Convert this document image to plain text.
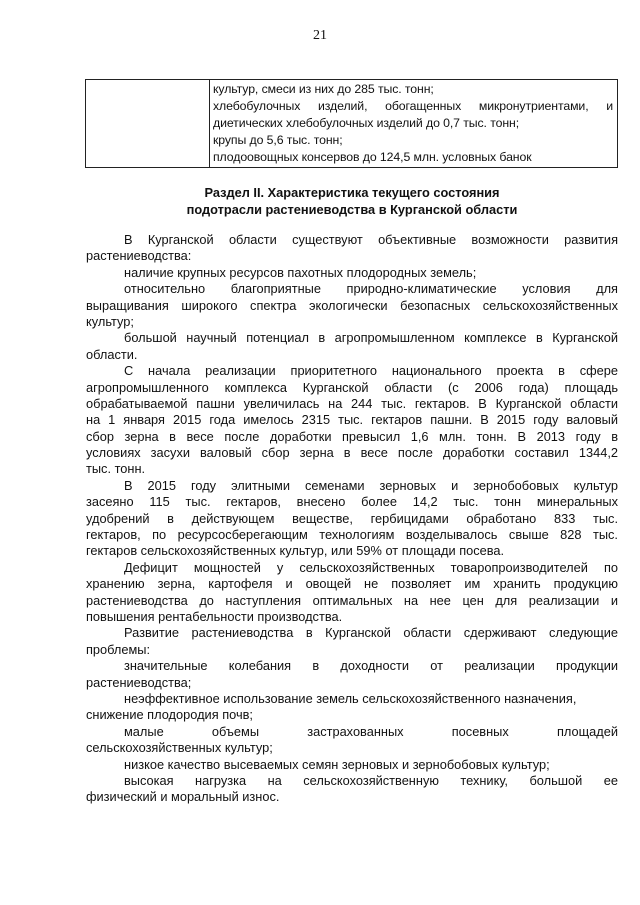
21

культур, смеси из них до 285 тыс. тонн;
хлебобулочных изделий, обогащенных микронутриентами, и
диетических хлебобулочных изделий до 0,7 тыс. тонн;
крупы до 5,6 тыс. тонн;
плодоовощных консервов до 124,5 млн. условных банок
Раздел II. Характеристика текущего состояния
подотрасли растениеводства в Курганской области
В Курганской области существуют объективные возможности развития
растениеводства:
наличие крупных ресурсов пахотных плодородных земель;
относительно благоприятные природно-климатические условия для
выращивания широкого спектра экологически безопасных сельскохозяйственных
культур;
большой научный потенциал в агропромышленном комплексе в Курганской
области.
С начала реализации приоритетного национального проекта в сфере
агропромышленного комплекса Курганской области (с 2006 года) площадь
обрабатываемой пашни увеличилась на 244 тыс. гектаров. В Курганской области
на 1 января 2015 года имелось 2315 тыс. гектаров пашни. В 2015 году валовый
сбор зерна в весе после доработки превысил 1,6 млн. тонн. В 2013 году в
условиях засухи валовый сбор зерна в весе после доработки составил 1344,2
тыс. тонн.
В 2015 году элитными семенами зерновых и зернобобовых культур
засеяно 115 тыс. гектаров, внесено более 14,2 тыс. тонн минеральных
удобрений в действующем веществе, гербицидами обработано 833 тыс.
гектаров, по ресурсосберегающим технологиям возделывалось свыше 828 тыс.
гектаров сельскохозяйственных культур, или 59% от площади посева.
Дефицит мощностей у сельскохозяйственных товаропроизводителей по
хранению зерна, картофеля и овощей не позволяет им хранить продукцию
растениеводства до наступления оптимальных на нее цен для реализации и
повышения рентабельности производства.
Развитие растениеводства в Курганской области сдерживают следующие
проблемы:
значительные колебания в доходности от реализации продукции
растениеводства;
неэффективное использование земель сельскохозяйственного назначения,
снижение плодородия почв;
малые объемы застрахованных посевных площадей
сельскохозяйственных культур;
низкое качество высеваемых семян зерновых и зернобобовых культур;
высокая нагрузка на сельскохозяйственную технику, большой ее
физический и моральный износ.
